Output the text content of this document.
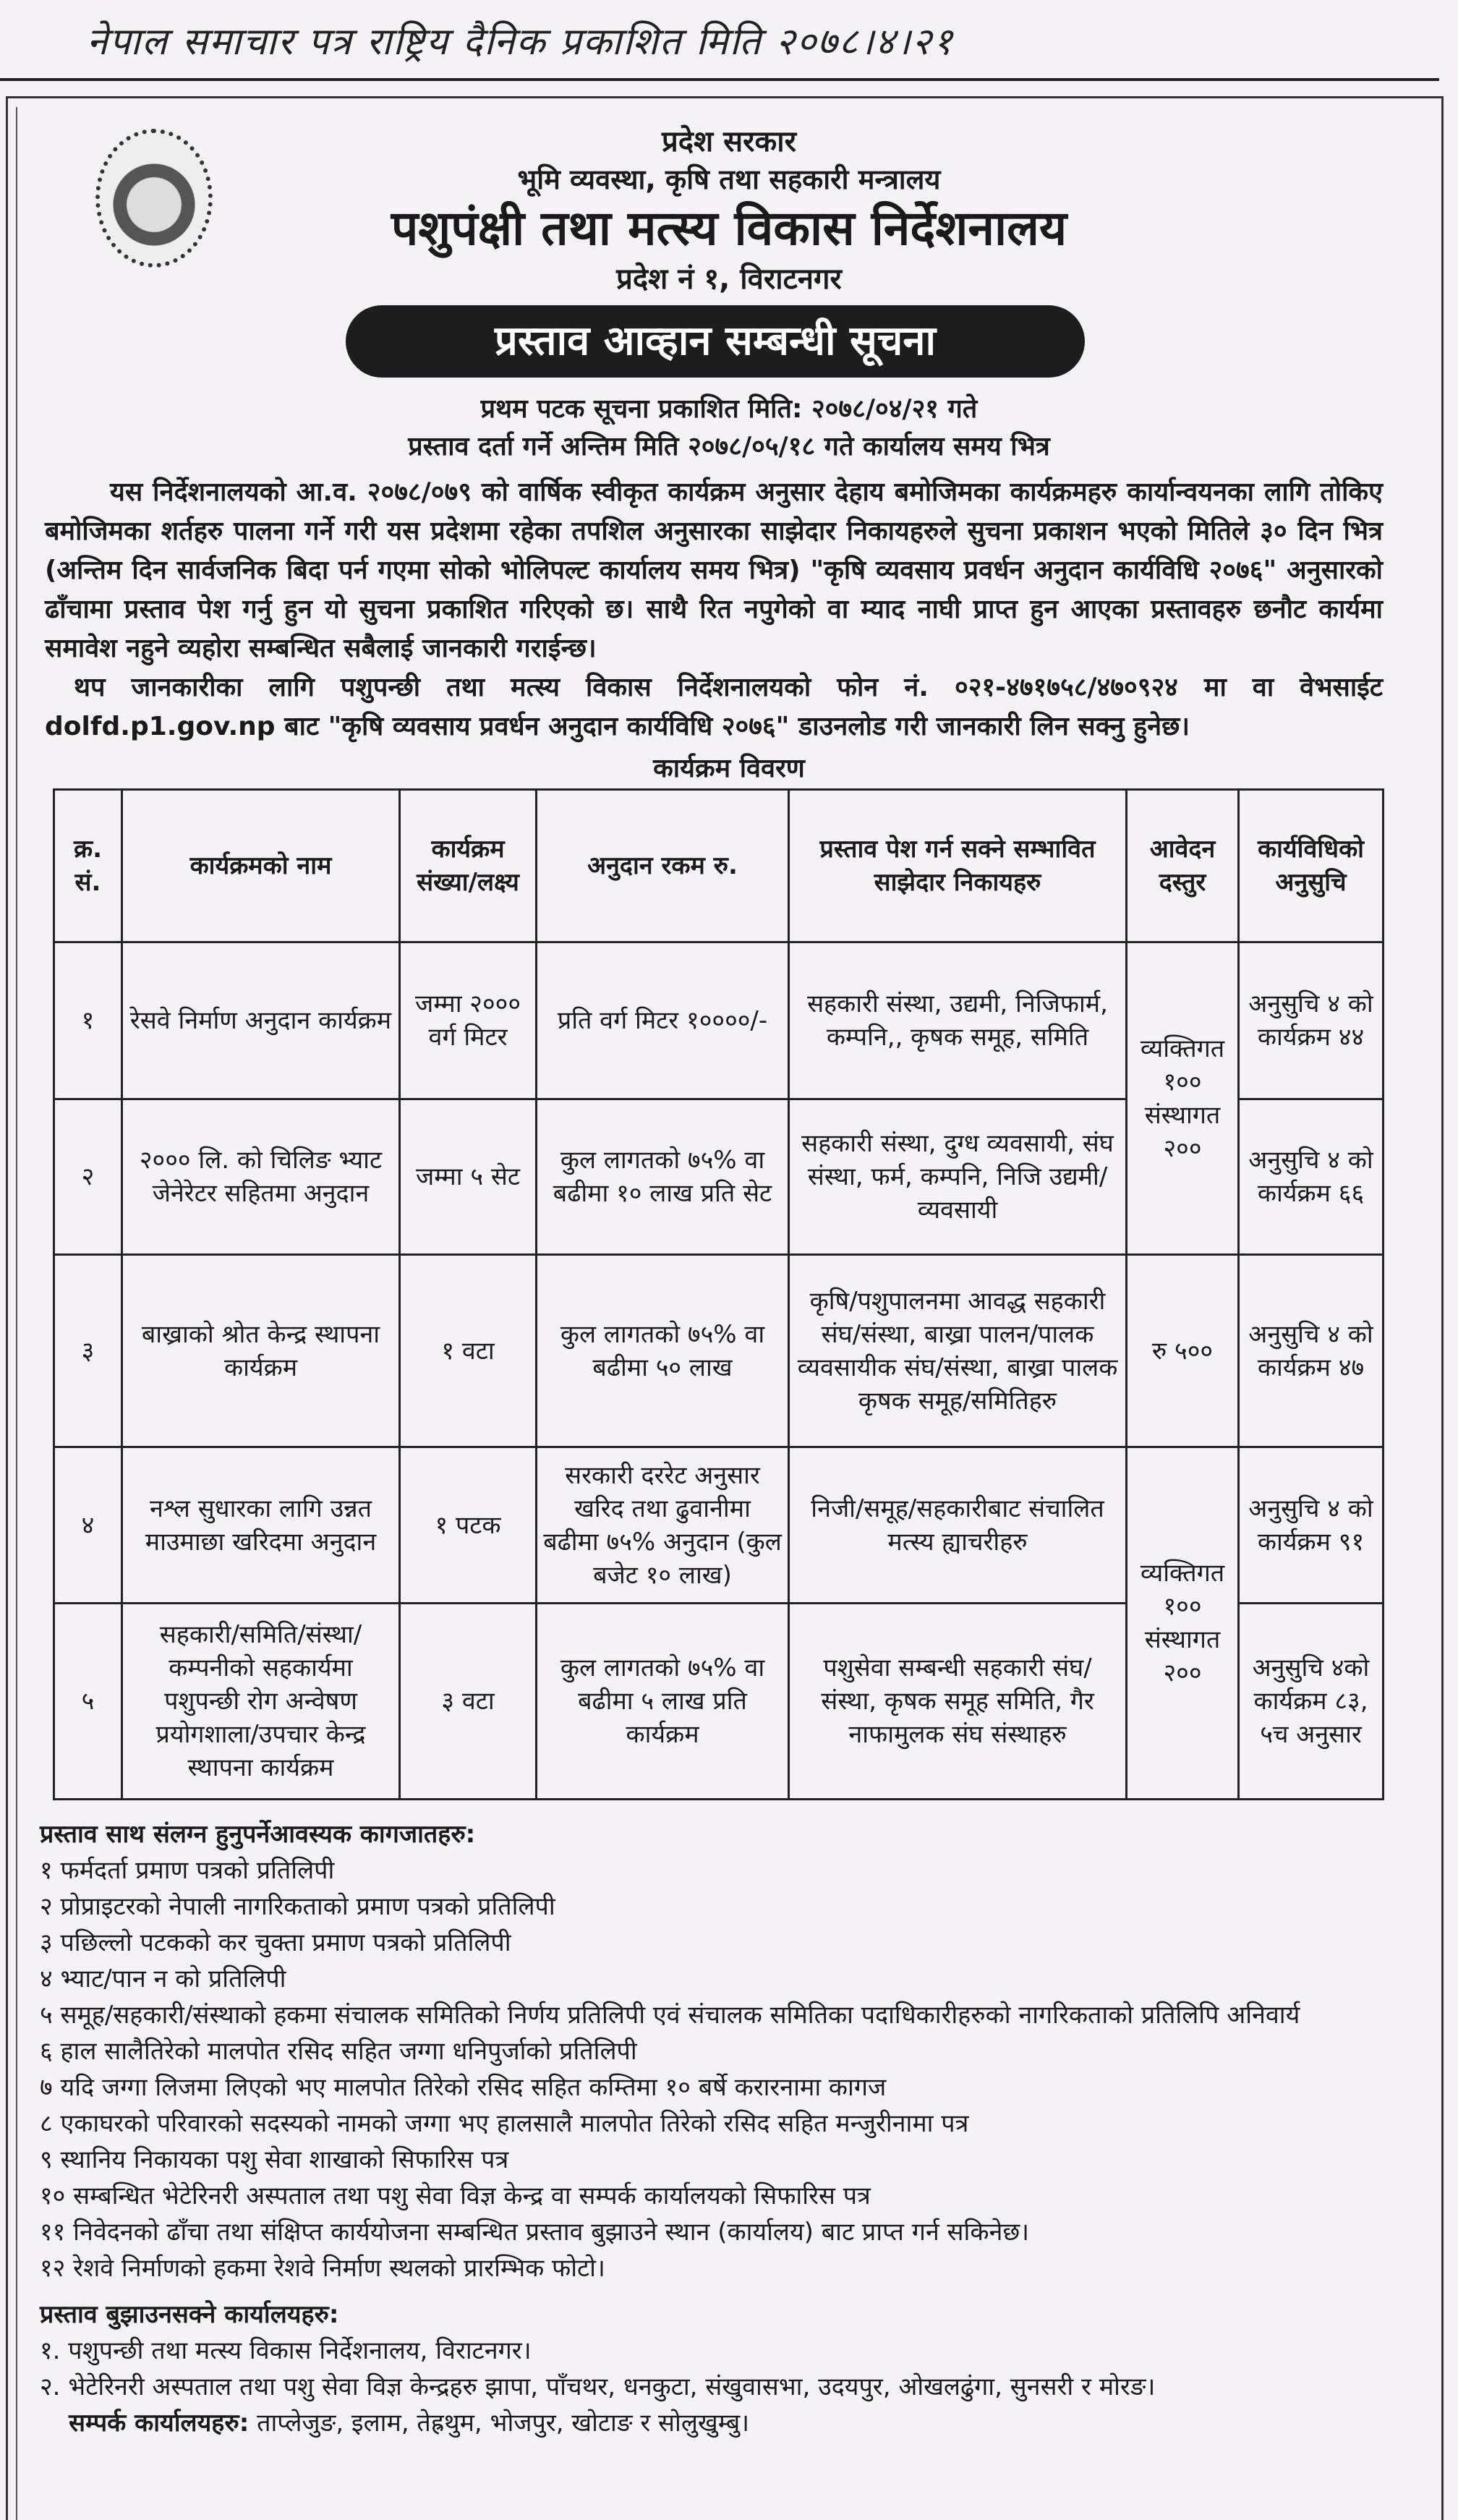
नेपाल समाचार पत्र राष्ट्रिय दैनिक प्रकाशित मिति २०७८।४।२१
प्रदेश सरकार
भूमि व्यवस्था, कृषि तथा सहकारी मन्त्रालय
पशुपंक्षी तथा मत्स्य विकास निर्देशनालय
प्रदेश नं १, विराटनगर
प्रस्ताव आव्हान सम्बन्धी सूचना
प्रथम पटक सूचना प्रकाशित मिति: २०७८/०४/२१ गते
प्रस्ताव दर्ता गर्ने अन्तिम मिति २०७८/०५/१८ गते कार्यालय समय भित्र
यस निर्देशनालयको आ.व. २०७८/०७९ को वार्षिक स्वीकृत कार्यक्रम अनुसार देहाय बमोजिमका कार्यक्रमहरु कार्यान्वयनका लागि तोकिए बमोजिमका शर्तहरु पालना गर्ने गरी यस प्रदेशमा रहेका तपशिल अनुसारका साझेदार निकायहरुले सुचना प्रकाशन भएको मितिले ३० दिन भित्र (अन्तिम दिन सार्वजनिक बिदा पर्न गएमा सोको भोलिपल्ट कार्यालय समय भित्र) "कृषि व्यवसाय प्रवर्धन अनुदान कार्यविधि २०७६" अनुसारको ढाँचामा प्रस्ताव पेश गर्नु हुन यो सुचना प्रकाशित गरिएको छ। साथै रित नपुगेको वा म्याद नाघी प्राप्त हुन आएका प्रस्तावहरु छनौट कार्यमा समावेश नहुने व्यहोरा सम्बन्धित सबैलाई जानकारी गराईन्छ।
थप जानकारीका लागि पशुपन्छी तथा मत्स्य विकास निर्देशनालयको फोन नं. ०२१-४७१७५८/४७०९२४ मा वा वेभसाईट dolfd.p1.gov.np बाट "कृषि व्यवसाय प्रवर्धन अनुदान कार्यविधि २०७६" डाउनलोड गरी जानकारी लिन सक्नु हुनेछ।
कार्यक्रम विवरण
क्र. सं.	कार्यक्रमको नाम	कार्यक्रम संख्या/लक्ष्य	अनुदान रकम रु.	प्रस्ताव पेश गर्न सक्ने सम्भावित साझेदार निकायहरु	आवेदन दस्तुर	कार्यविधिको अनुसुचि
१	रेसवे निर्माण अनुदान कार्यक्रम	जम्मा २००० वर्ग मिटर	प्रति वर्ग मिटर १००००/-	सहकारी संस्था, उद्यमी, निजिफार्म, कम्पनि,, कृषक समूह, समिति	व्यक्तिगत १०० संस्थागत २००	अनुसुचि ४ को कार्यक्रम ४४
२	२००० लि. को चिलिङ भ्याट जेनेरेटर सहितमा अनुदान	जम्मा ५ सेट	कुल लागतको ७५% वा बढीमा १० लाख प्रति सेट	सहकारी संस्था, दुग्ध व्यवसायी, संघ संस्था, फर्म, कम्पनि, निजि उद्यमी/व्यवसायी		अनुसुचि ४ को कार्यक्रम ६६
३	बाख्राको श्रोत केन्द्र स्थापना कार्यक्रम	१ वटा	कुल लागतको ७५% वा बढीमा ५० लाख	कृषि/पशुपालनमा आवद्ध सहकारी संघ/संस्था, बाख्रा पालन/पालक व्यवसायीक संघ/संस्था, बाख्रा पालक कृषक समूह/समितिहरु	रु ५००	अनुसुचि ४ को कार्यक्रम ४७
४	नश्ल सुधारका लागि उन्नत माउमाछा खरिदमा अनुदान	१ पटक	सरकारी दररेट अनुसार खरिद तथा ढुवानीमा बढीमा ७५% अनुदान (कुल बजेट १० लाख)	निजी/समूह/सहकारीबाट संचालित मत्स्य ह्याचरीहरु	व्यक्तिगत १०० संस्थागत २००	अनुसुचि ४ को कार्यक्रम ९१
५	सहकारी/समिति/संस्था/कम्पनीको सहकार्यमा पशुपन्छी रोग अन्वेषण प्रयोगशाला/उपचार केन्द्र स्थापना कार्यक्रम	३ वटा	कुल लागतको ७५% वा बढीमा ५ लाख प्रति कार्यक्रम	पशुसेवा सम्बन्धी सहकारी संघ/संस्था, कृषक समूह समिति, गैर नाफामुलक संघ संस्थाहरु		अनुसुचि ४को कार्यक्रम ८३, ५च अनुसार
प्रस्ताव साथ संलग्न हुनुपर्नेआवस्यक कागजातहरु:
१ फर्मदर्ता प्रमाण पत्रको प्रतिलिपी
२ प्रोप्राइटरको नेपाली नागरिकताको प्रमाण पत्रको प्रतिलिपी
३ पछिल्लो पटकको कर चुक्ता प्रमाण पत्रको प्रतिलिपी
४ भ्याट/पान न को प्रतिलिपी
५ समूह/सहकारी/संस्थाको हकमा संचालक समितिको निर्णय प्रतिलिपी एवं संचालक समितिका पदाधिकारीहरुको नागरिकताको प्रतिलिपि अनिवार्य
६ हाल सालैतिरेको मालपोत रसिद सहित जग्गा धनिपुर्जाको प्रतिलिपी
७ यदि जग्गा लिजमा लिएको भए मालपोत तिरेको रसिद सहित कम्तिमा १० बर्षे करारनामा कागज
८ एकाघरको परिवारको सदस्यको नामको जग्गा भए हालसालै मालपोत तिरेको रसिद सहित मन्जुरीनामा पत्र
९ स्थानिय निकायका पशु सेवा शाखाको सिफारिस पत्र
१० सम्बन्धित भेटेरिनरी अस्पताल तथा पशु सेवा विज्ञ केन्द्र वा सम्पर्क कार्यालयको सिफारिस पत्र
११ निवेदनको ढाँचा तथा संक्षिप्त कार्ययोजना सम्बन्धित प्रस्ताव बुझाउने स्थान (कार्यालय) बाट प्राप्त गर्न सकिनेछ।
१२ रेशवे निर्माणको हकमा रेशवे निर्माण स्थलको प्रारम्भिक फोटो।
प्रस्ताव बुझाउनसक्ने कार्यालयहरु:
१. पशुपन्छी तथा मत्स्य विकास निर्देशनालय, विराटनगर।
२. भेटेरिनरी अस्पताल तथा पशु सेवा विज्ञ केन्द्रहरु झापा, पाँचथर, धनकुटा, संखुवासभा, उदयपुर, ओखलढुंगा, सुनसरी र मोरङ।
सम्पर्क कार्यालयहरु: ताप्लेजुङ, इलाम, तेह्रथुम, भोजपुर, खोटाङ र सोलुखुम्बु।
